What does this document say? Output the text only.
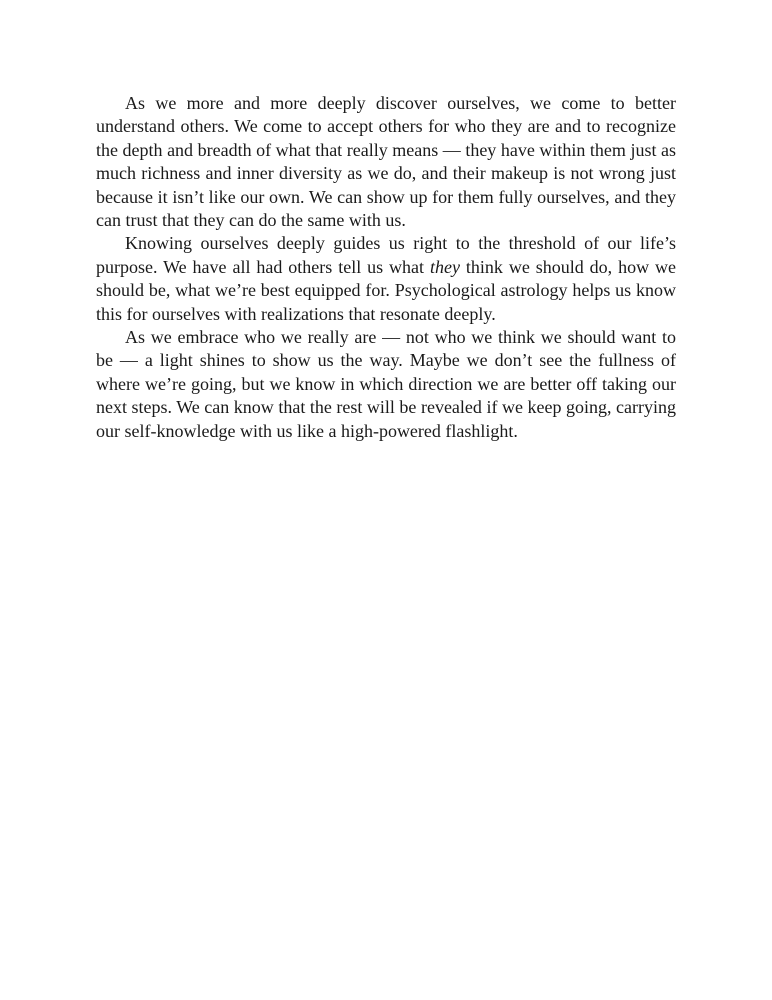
As we more and more deeply discover ourselves, we come to better understand others. We come to accept others for who they are and to recognize the depth and breadth of what that really means — they have within them just as much richness and inner diversity as we do, and their makeup is not wrong just because it isn’t like our own. We can show up for them fully ourselves, and they can trust that they can do the same with us.

Knowing ourselves deeply guides us right to the threshold of our life’s purpose. We have all had others tell us what they think we should do, how we should be, what we’re best equipped for. Psychological astrology helps us know this for ourselves with realizations that resonate deeply.

As we embrace who we really are — not who we think we should want to be — a light shines to show us the way. Maybe we don’t see the fullness of where we’re going, but we know in which direction we are better off taking our next steps. We can know that the rest will be revealed if we keep going, carrying our self-knowledge with us like a high-powered flashlight.
